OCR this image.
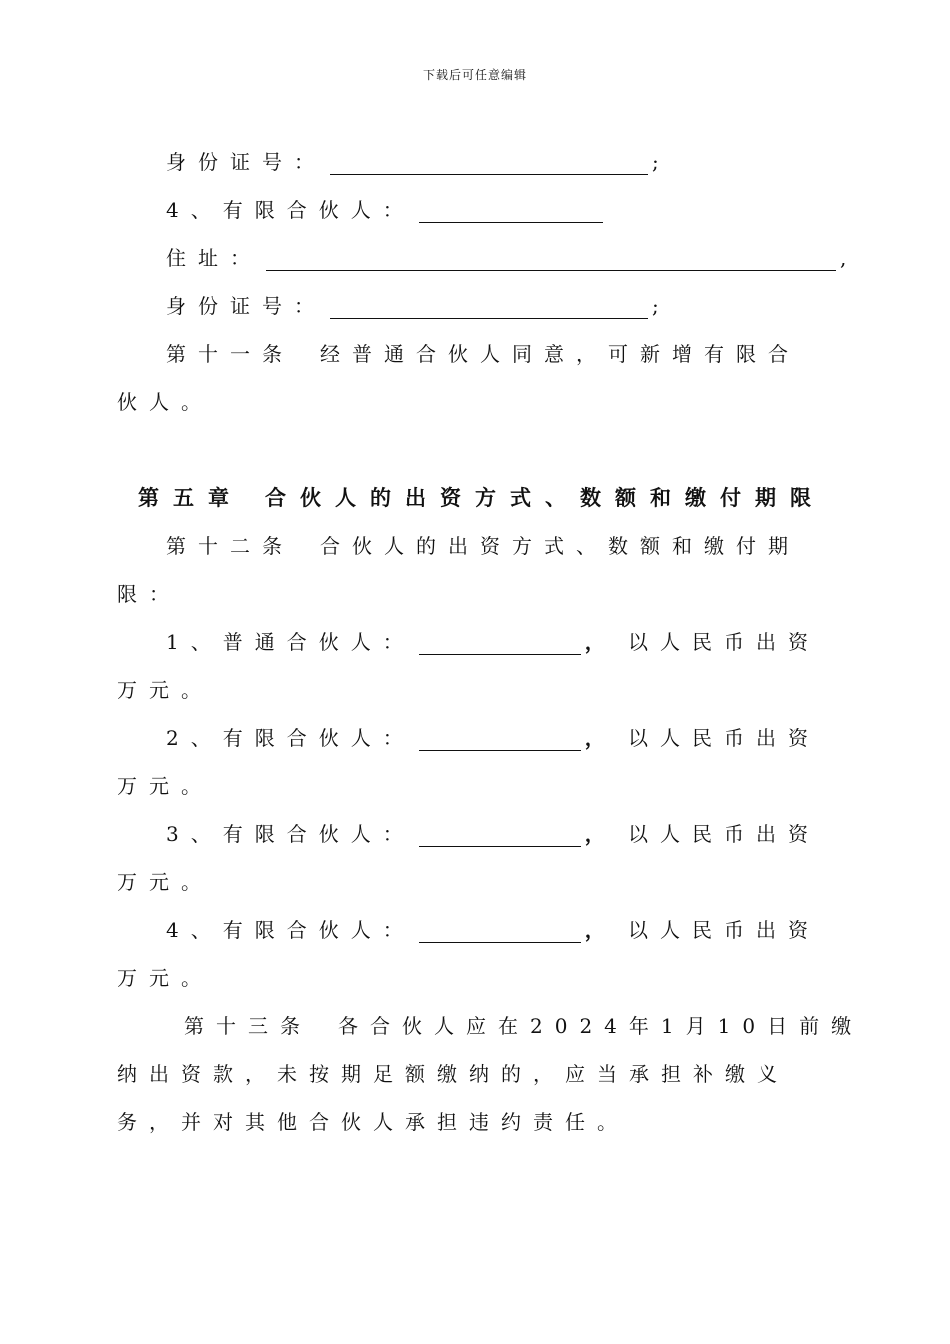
下载后可任意编辑
身份证号：	;
4、有限合伙人：
住址：	,
身份证号：	;
第十一条 经普通合伙人同意，可新增有限合
伙人。
第五章 合伙人的出资方式、数额和缴付期限
第十二条 合伙人的出资方式、数额和缴付期
限：
1、普通合伙人：	， 以人民币出资
万元。
2、有限合伙人：	， 以人民币出资
万元。
3、有限合伙人：	， 以人民币出资
万元。
4、有限合伙人：	， 以人民币出资
万元。
第十三条 各合伙人应在2024年1月10日前缴
纳出资款，未按期足额缴纳的，应当承担补缴义
务，并对其他合伙人承担违约责任。
